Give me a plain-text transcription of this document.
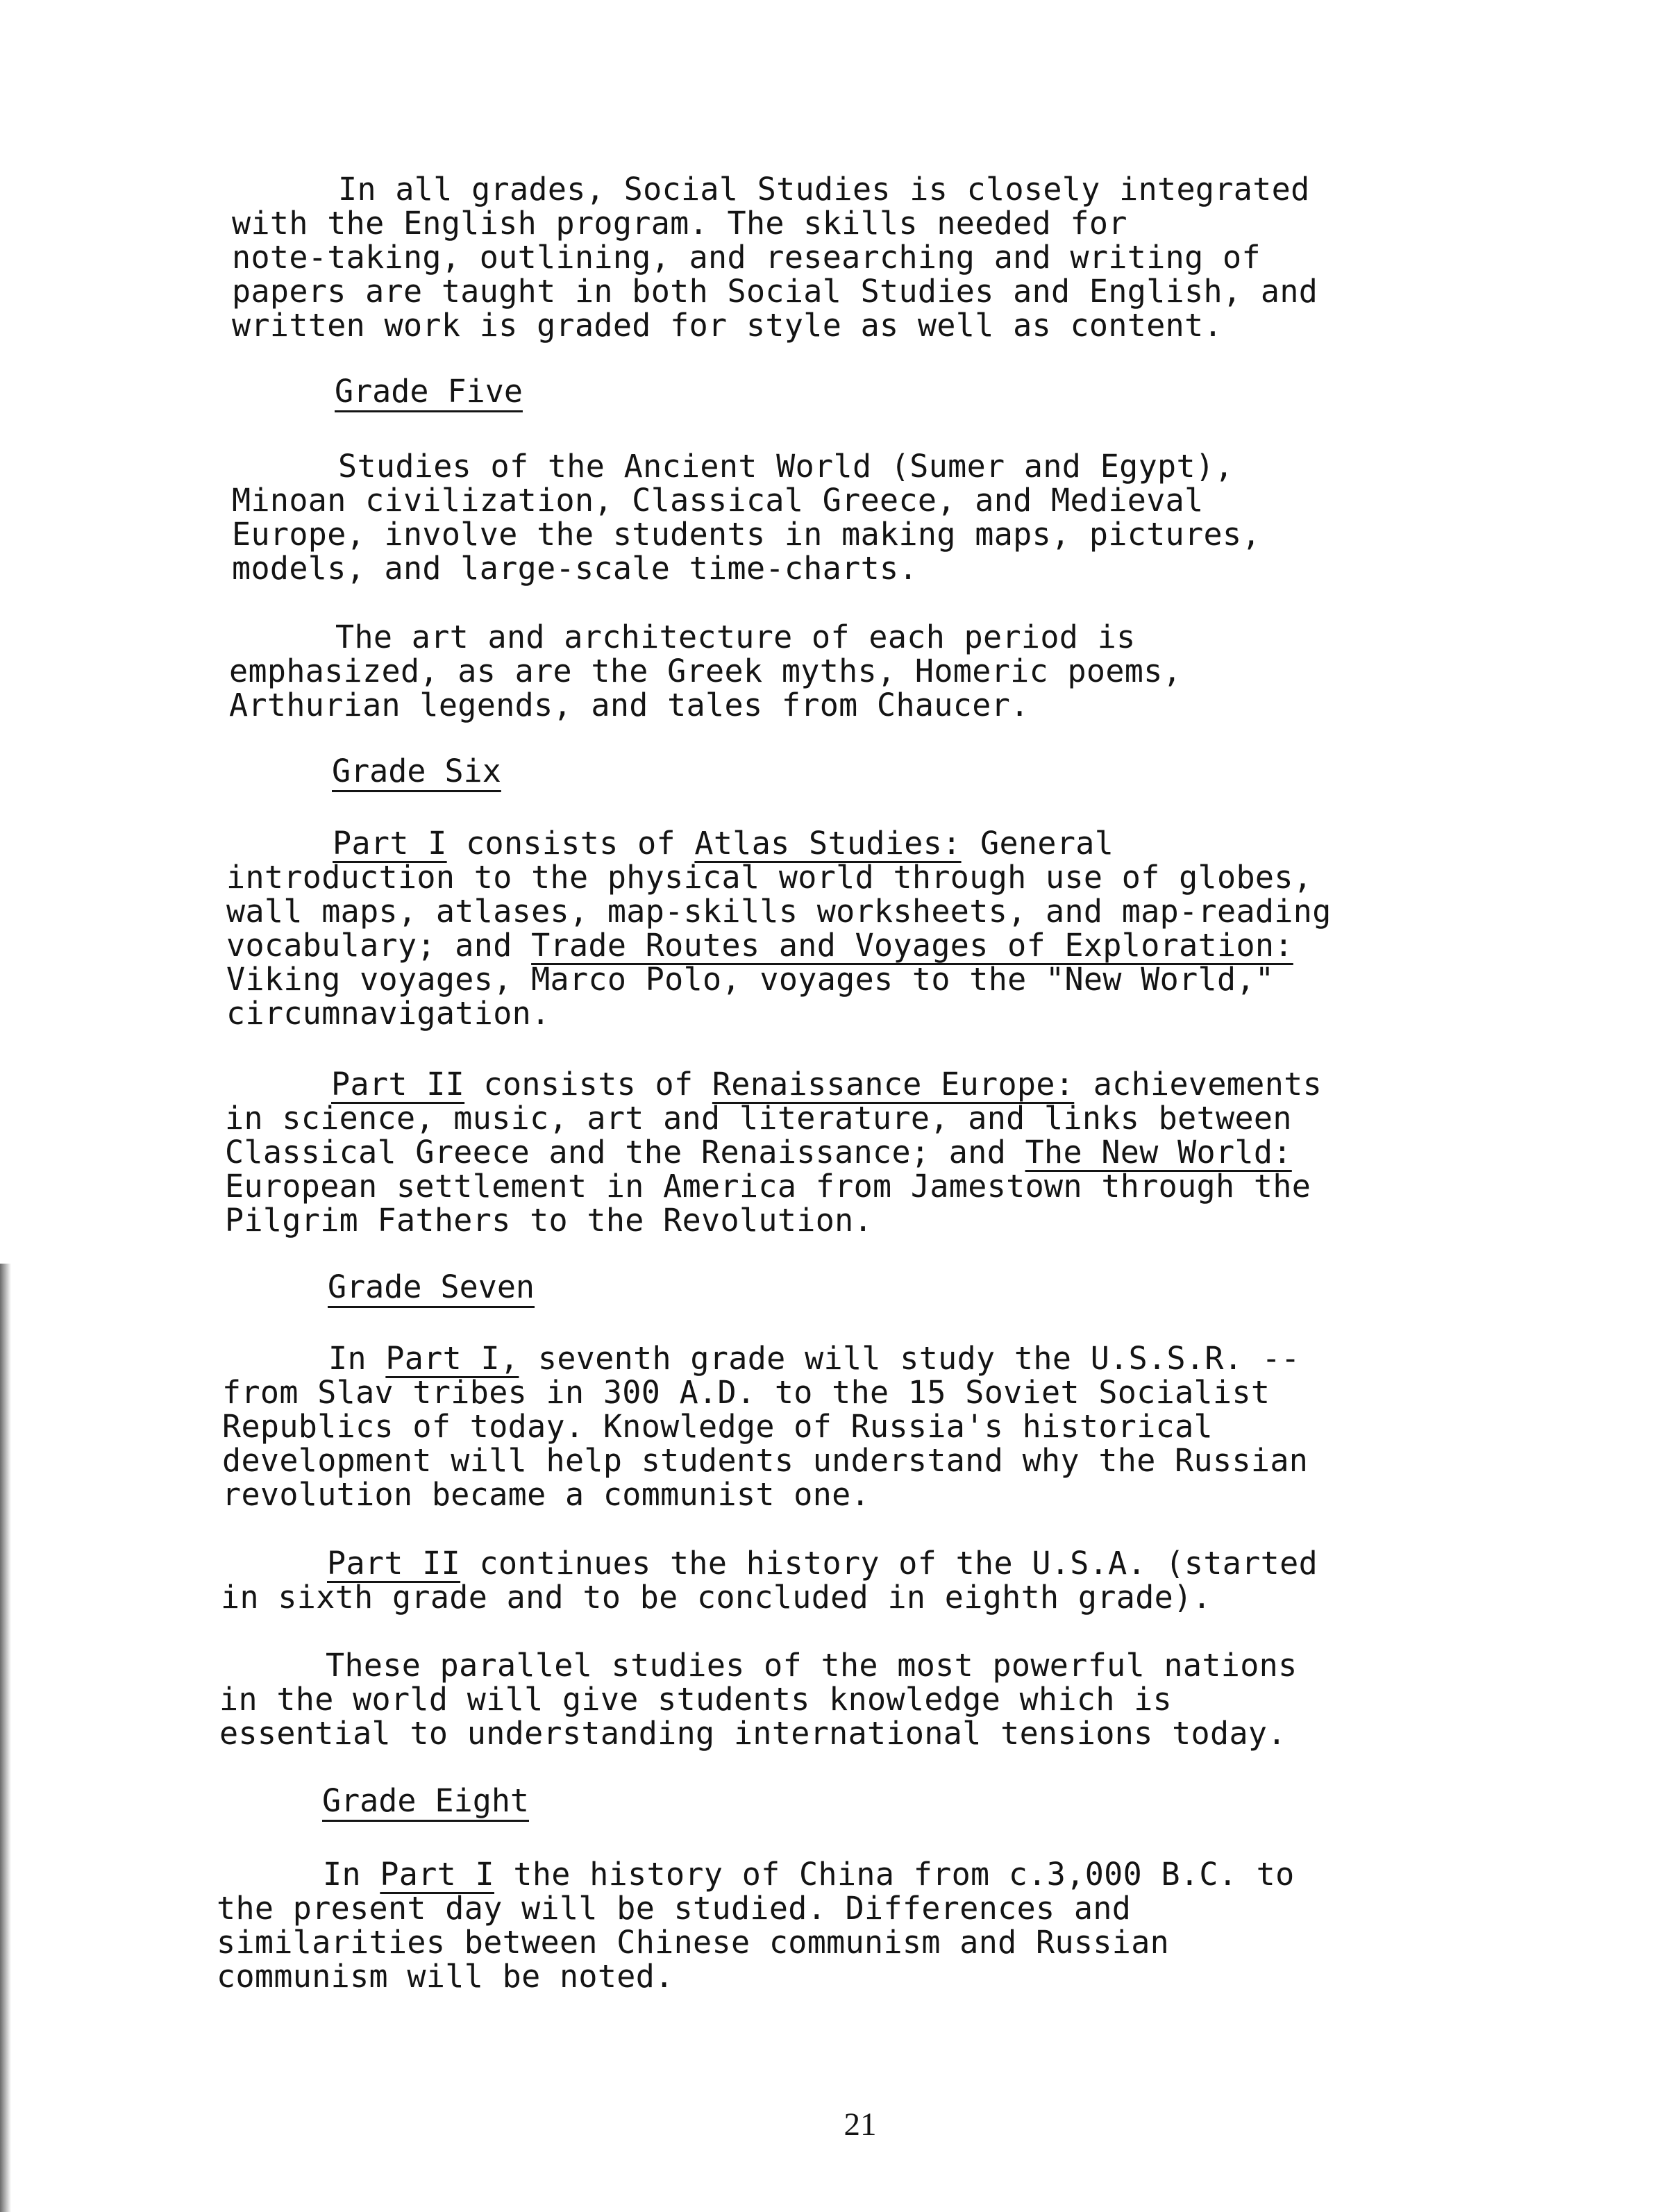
In all grades, Social Studies is closely integrated
with the English program. The skills needed for
note-taking, outlining, and researching and writing of
papers are taught in both Social Studies and English, and
written work is graded for style as well as content.

Grade Five

Studies of the Ancient World (Sumer and Egypt),
Minoan civilization, Classical Greece, and Medieval
Europe, involve the students in making maps, pictures,
models, and large-scale time-charts.

The art and architecture of each period is
emphasized, as are the Greek myths, Homeric poems,
Arthurian legends, and tales from Chaucer.

Grade Six

Part I consists of Atlas Studies: General
introduction to the physical world through use of globes,
wall maps, atlases, map-skills worksheets, and map-reading
vocabulary; and Trade Routes and Voyages of Exploration:
Viking voyages, Marco Polo, voyages to the "New World,"
circumnavigation.

Part II consists of Renaissance Europe: achievements
in science, music, art and literature, and links between
Classical Greece and the Renaissance; and The New World:
European settlement in America from Jamestown through the
Pilgrim Fathers to the Revolution.

Grade Seven

In Part I, seventh grade will study the U.S.S.R. --
from Slav tribes in 300 A.D. to the 15 Soviet Socialist
Republics of today. Knowledge of Russia's historical
development will help students understand why the Russian
revolution became a communist one.

Part II continues the history of the U.S.A. (started
in sixth grade and to be concluded in eighth grade).

These parallel studies of the most powerful nations
in the world will give students knowledge which is
essential to understanding international tensions today.

Grade Eight

In Part I the history of China from c.3,000 B.C. to
the present day will be studied. Differences and
similarities between Chinese communism and Russian
communism will be noted.

21
